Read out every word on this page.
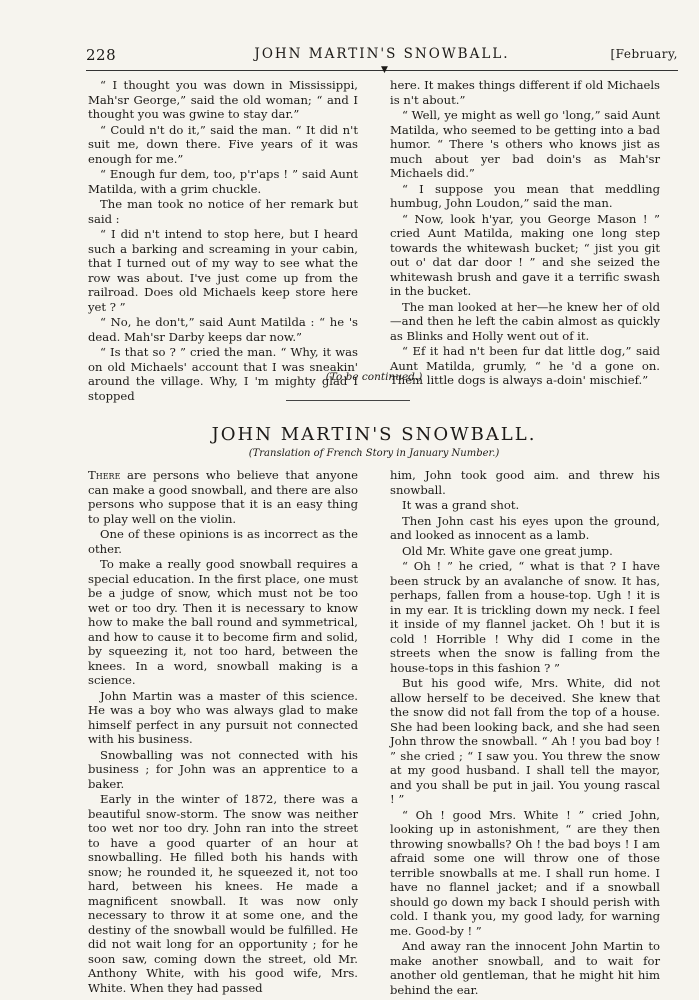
228	JOHN MARTIN'S SNOWBALL.	[February,
▼

“ I thought you was down in Mississippi, Mah'sr George,” said the old woman; “ and I thought you was gwine to stay dar.”

“ Could n't do it,” said the man. “ It did n't suit me, down there. Five years of it was enough for me.”

“ Enough fur dem, too, p'r'aps ! ” said Aunt Matilda, with a grim chuckle.

The man took no notice of her remark but said :

“ I did n't intend to stop here, but I heard such a barking and screaming in your cabin, that I turned out of my way to see what the row was about. I've just come up from the railroad. Does old Michaels keep store here yet ? ”

“ No, he don't,” said Aunt Matilda : “ he 's dead. Mah'sr Darby keeps dar now.”

“ Is that so ? ” cried the man. “ Why, it was on old Michaels' account that I was sneakin' around the village. Why, I 'm mighty glad I stopped

here. It makes things different if old Michaels is n't about.”

“ Well, ye might as well go 'long,” said Aunt Matilda, who seemed to be getting into a bad humor. “ There 's others who knows jist as much about yer bad doin's as Mah'sr Michaels did.”

“ I suppose you mean that meddling humbug, John Loudon,” said the man.

“ Now, look h'yar, you George Mason ! ” cried Aunt Matilda, making one long step towards the whitewash bucket; “ jist you git out o' dat dar door ! ” and she seized the whitewash brush and gave it a terrific swash in the bucket.

The man looked at her—he knew her of old—and then he left the cabin almost as quickly as Blinks and Holly went out of it.

“ Ef it had n't been fur dat little dog,” said Aunt Matilda, grumly, “ he 'd a gone on. Them little dogs is always a-doin' mischief.”

(To be continued.)
JOHN MARTIN'S SNOWBALL.
(Translation of French Story in January Number.)

There are persons who believe that anyone can make a good snowball, and there are also persons who suppose that it is an easy thing to play well on the violin.

One of these opinions is as incorrect as the other.

To make a really good snowball requires a special education. In the first place, one must be a judge of snow, which must not be too wet or too dry. Then it is necessary to know how to make the ball round and symmetrical, and how to cause it to become firm and solid, by squeezing it, not too hard, between the knees. In a word, snowball making is a science.

John Martin was a master of this science. He was a boy who was always glad to make himself perfect in any pursuit not connected with his business.

Snowballing was not connected with his business ; for John was an apprentice to a baker.

Early in the winter of 1872, there was a beautiful snow-storm. The snow was neither too wet nor too dry. John ran into the street to have a good quarter of an hour at snowballing. He filled both his hands with snow; he rounded it, he squeezed it, not too hard, between his knees. He made a magnificent snowball. It was now only necessary to throw it at some one, and the destiny of the snowball would be fulfilled. He did not wait long for an opportunity ; for he soon saw, coming down the street, old Mr. Anthony White, with his good wife, Mrs. White. When they had passed

him, John took good aim. and threw his snowball.

It was a grand shot.

Then John cast his eyes upon the ground, and looked as innocent as a lamb.

Old Mr. White gave one great jump.

“ Oh ! ” he cried, “ what is that ? I have been struck by an avalanche of snow. It has, perhaps, fallen from a house-top. Ugh ! it is in my ear. It is trickling down my neck. I feel it inside of my flannel jacket. Oh ! but it is cold ! Horrible ! Why did I come in the streets when the snow is falling from the house-tops in this fashion ? ”

But his good wife, Mrs. White, did not allow herself to be deceived. She knew that the snow did not fall from the top of a house. She had been looking back, and she had seen John throw the snowball. “ Ah ! you bad boy ! ” she cried ; “ I saw you. You threw the snow at my good husband. I shall tell the mayor, and you shall be put in jail. You young rascal ! ”

“ Oh ! good Mrs. White ! ” cried John, looking up in astonishment, “ are they then throwing snowballs? Oh ! the bad boys ! I am afraid some one will throw one of those terrible snowballs at me. I shall run home. I have no flannel jacket; and if a snowball should go down my back I should perish with cold. I thank you, my good lady, for warning me. Good-by ! ”

And away ran the innocent John Martin to make another snowball, and to wait for another old gentleman, that he might hit him behind the ear.
